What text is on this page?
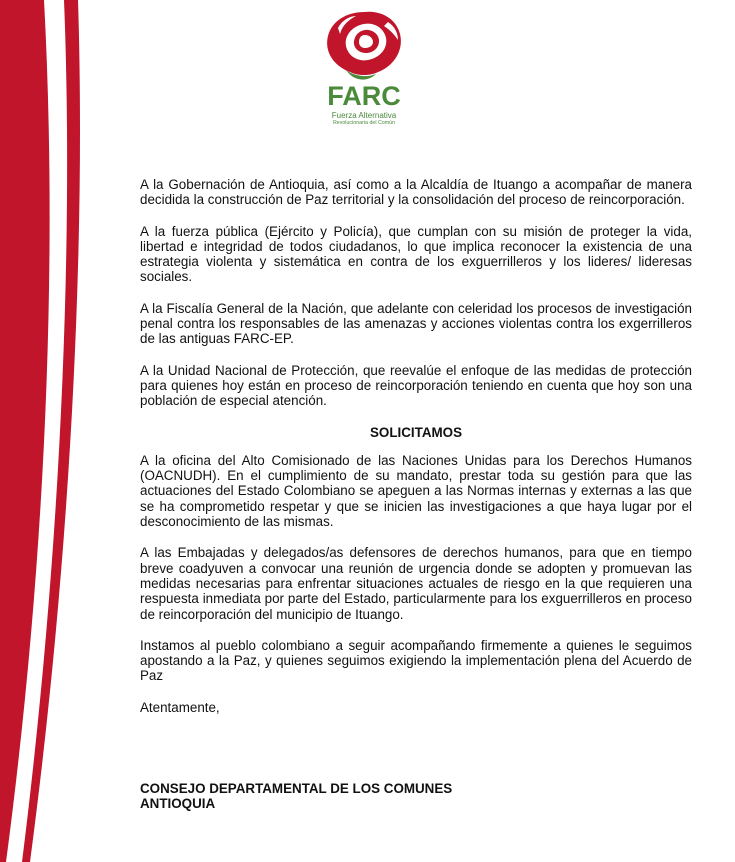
FARC
Fuerza Alternativa
Revolucionaria del Común

A la Gobernación de Antioquia, así como a la Alcaldía de Ituango a acompañar de manera decidida la construcción de Paz territorial y la consolidación del proceso de reincorporación.

A la fuerza pública (Ejército y Policía), que cumplan con su misión de proteger la vida, libertad e integridad de todos ciudadanos, lo que implica reconocer la existencia de una estrategia violenta y sistemática en contra de los exguerrilleros y los lideres/ lideresas sociales.

A la Fiscalía General de la Nación, que adelante con celeridad los procesos de investigación penal contra los responsables de las amenazas y acciones violentas contra los exgerrilleros de las antiguas FARC-EP.

A la Unidad Nacional de Protección, que reevalúe el enfoque de las medidas de protección para quienes hoy están en proceso de reincorporación teniendo en cuenta que hoy son una población de especial atención.

SOLICITAMOS

A la oficina del Alto Comisionado de las Naciones Unidas para los Derechos Humanos (OACNUDH). En el cumplimiento de su mandato, prestar toda su gestión para que las actuaciones del Estado Colombiano se apeguen a las Normas internas y externas a las que se ha comprometido respetar y que se inicien las investigaciones a que haya lugar por el desconocimiento de las mismas.

A las Embajadas y delegados/as defensores de derechos humanos, para que en tiempo breve coadyuven a convocar una reunión de urgencia donde se adopten y promuevan las medidas necesarias para enfrentar situaciones actuales de riesgo en la que requieren una respuesta inmediata por parte del Estado, particularmente para los exguerrilleros en proceso de reincorporación del municipio de Ituango.

Instamos al pueblo colombiano a seguir acompañando firmemente a quienes le seguimos apostando a la Paz, y quienes seguimos exigiendo la implementación plena del Acuerdo de Paz

Atentamente,

CONSEJO DEPARTAMENTAL DE LOS COMUNES
ANTIOQUIA
